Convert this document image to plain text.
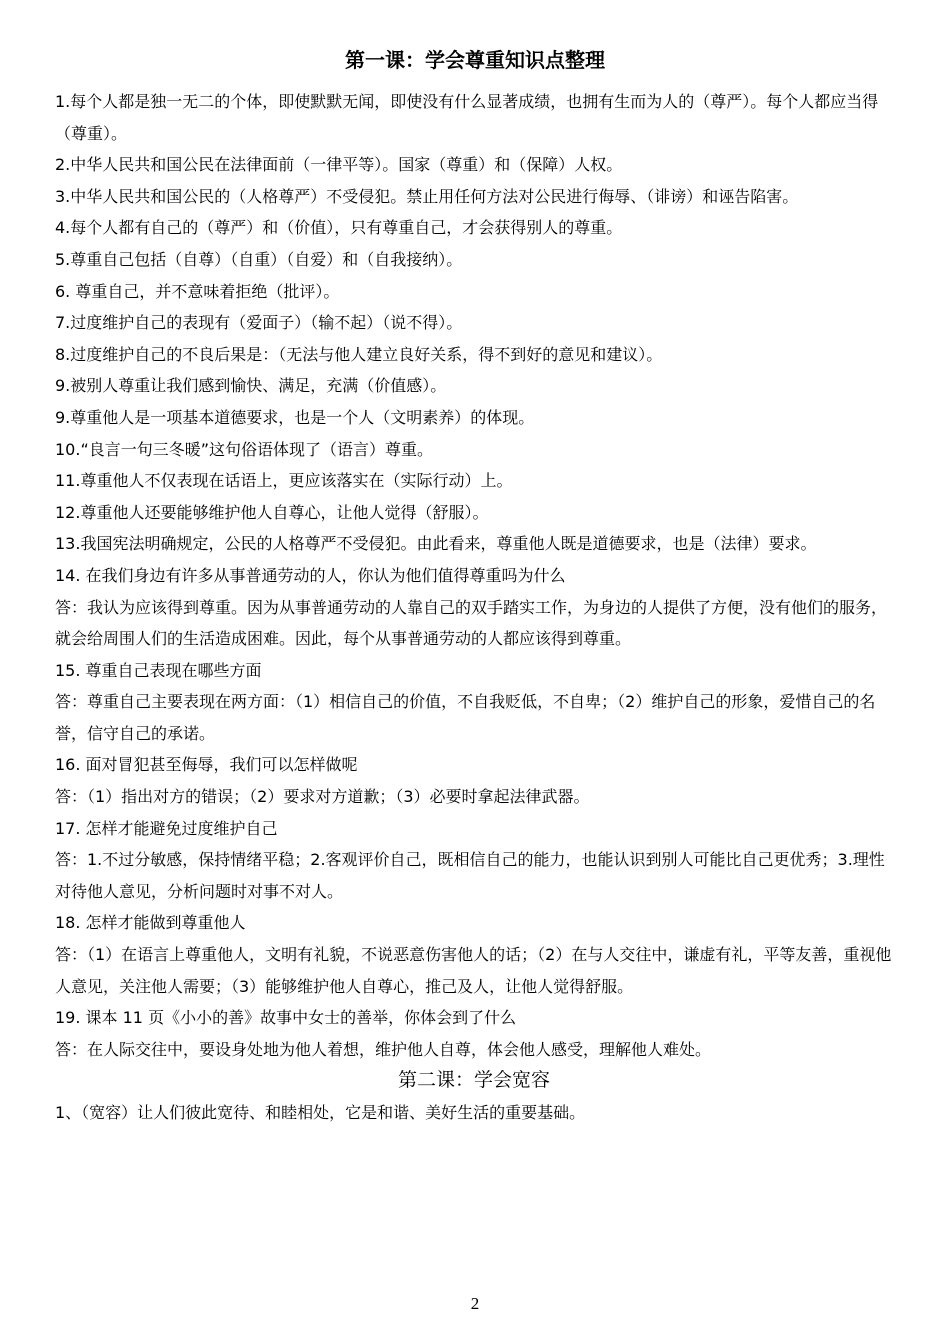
第一课：学会尊重知识点整理

1.每个人都是独一无二的个体，即使默默无闻，即使没有什么显著成绩，也拥有生而为人的（尊严）。每个人都应当得（尊重）。

2.中华人民共和国公民在法律面前（一律平等）。国家（尊重）和（保障）人权。

3.中华人民共和国公民的（人格尊严）不受侵犯。禁止用任何方法对公民进行侮辱、（诽谤）和诬告陷害。

4.每个人都有自己的（尊严）和（价值），只有尊重自己，才会获得别人的尊重。

5.尊重自己包括（自尊）（自重）（自爱）和（自我接纳）。

6. 尊重自己，并不意味着拒绝（批评）。

7.过度维护自己的表现有（爱面子）（输不起）（说不得）。

8.过度维护自己的不良后果是：（无法与他人建立良好关系，得不到好的意见和建议）。

9.被别人尊重让我们感到愉快、满足，充满（价值感）。

9.尊重他人是一项基本道德要求，也是一个人（文明素养）的体现。

10.“良言一句三冬暖”这句俗语体现了（语言）尊重。

11.尊重他人不仅表现在话语上，更应该落实在（实际行动）上。

12.尊重他人还要能够维护他人自尊心，让他人觉得（舒服）。

13.我国宪法明确规定，公民的人格尊严不受侵犯。由此看来，尊重他人既是道德要求，也是（法律）要求。

14. 在我们身边有许多从事普通劳动的人，你认为他们值得尊重吗为什么

答：我认为应该得到尊重。因为从事普通劳动的人靠自己的双手踏实工作，为身边的人提供了方便，没有他们的服务，就会给周围人们的生活造成困难。因此，每个从事普通劳动的人都应该得到尊重。

15. 尊重自己表现在哪些方面

答：尊重自己主要表现在两方面：（1）相信自己的价值，不自我贬低，不自卑；（2）维护自己的形象，爱惜自己的名誉，信守自己的承诺。

16. 面对冒犯甚至侮辱，我们可以怎样做呢

答：（1）指出对方的错误；（2）要求对方道歉；（3）必要时拿起法律武器。

17. 怎样才能避免过度维护自己

答：1.不过分敏感，保持情绪平稳；2.客观评价自己，既相信自己的能力，也能认识到别人可能比自己更优秀；3.理性对待他人意见，分析问题时对事不对人。

18. 怎样才能做到尊重他人

答：（1）在语言上尊重他人，文明有礼貌，不说恶意伤害他人的话；（2）在与人交往中，谦虚有礼，平等友善，重视他人意见，关注他人需要；（3）能够维护他人自尊心，推己及人，让他人觉得舒服。

19. 课本 11 页《小小的善》故事中女士的善举，你体会到了什么

答：在人际交往中，要设身处地为他人着想，维护他人自尊，体会他人感受，理解他人难处。

第二课：学会宽容

1、（宽容）让人们彼此宽待、和睦相处，它是和谐、美好生活的重要基础。

2
